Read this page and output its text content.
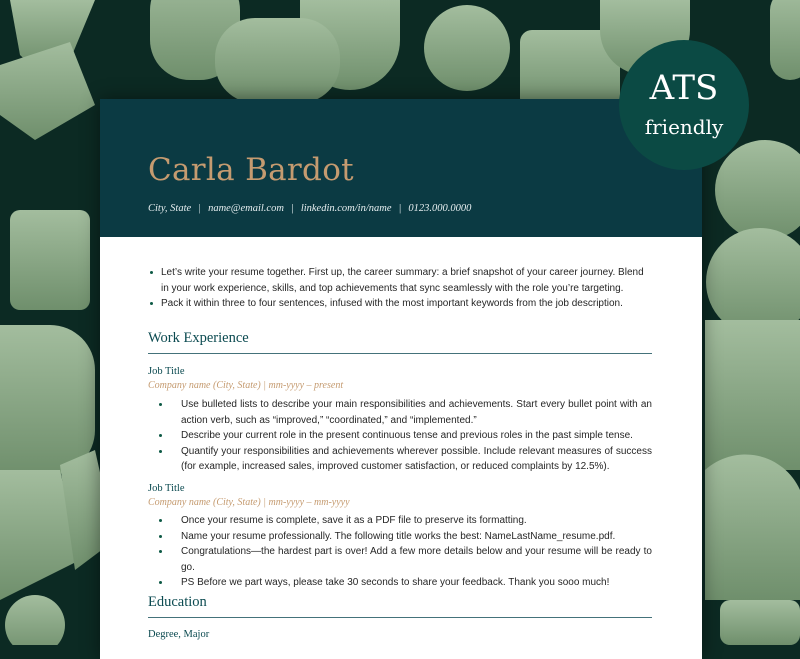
Carla Bardot
City, State | name@email.com | linkedin.com/in/name | 0123.000.0000
Let’s write your resume together. First up, the career summary: a brief snapshot of your career journey. Blend in your work experience, skills, and top achievements that sync seamlessly with the role you’re targeting.
Pack it within three to four sentences, infused with the most important keywords from the job description.
Work Experience
Job Title
Company name (City, State) | mm-yyyy – present
Use bulleted lists to describe your main responsibilities and achievements. Start every bullet point with an action verb, such as “improved,” “coordinated,” and “implemented.”
Describe your current role in the present continuous tense and previous roles in the past simple tense.
Quantify your responsibilities and achievements wherever possible. Include relevant measures of success (for example, increased sales, improved customer satisfaction, or reduced complaints by 12.5%).
Job Title
Company name (City, State) | mm-yyyy – mm-yyyy
Once your resume is complete, save it as a PDF file to preserve its formatting.
Name your resume professionally. The following title works the best: NameLastName_resume.pdf.
Congratulations—the hardest part is over! Add a few more details below and your resume will be ready to go.
PS Before we part ways, please take 30 seconds to share your feedback. Thank you sooo much!
Education
Degree, Major
ATS
friendly
